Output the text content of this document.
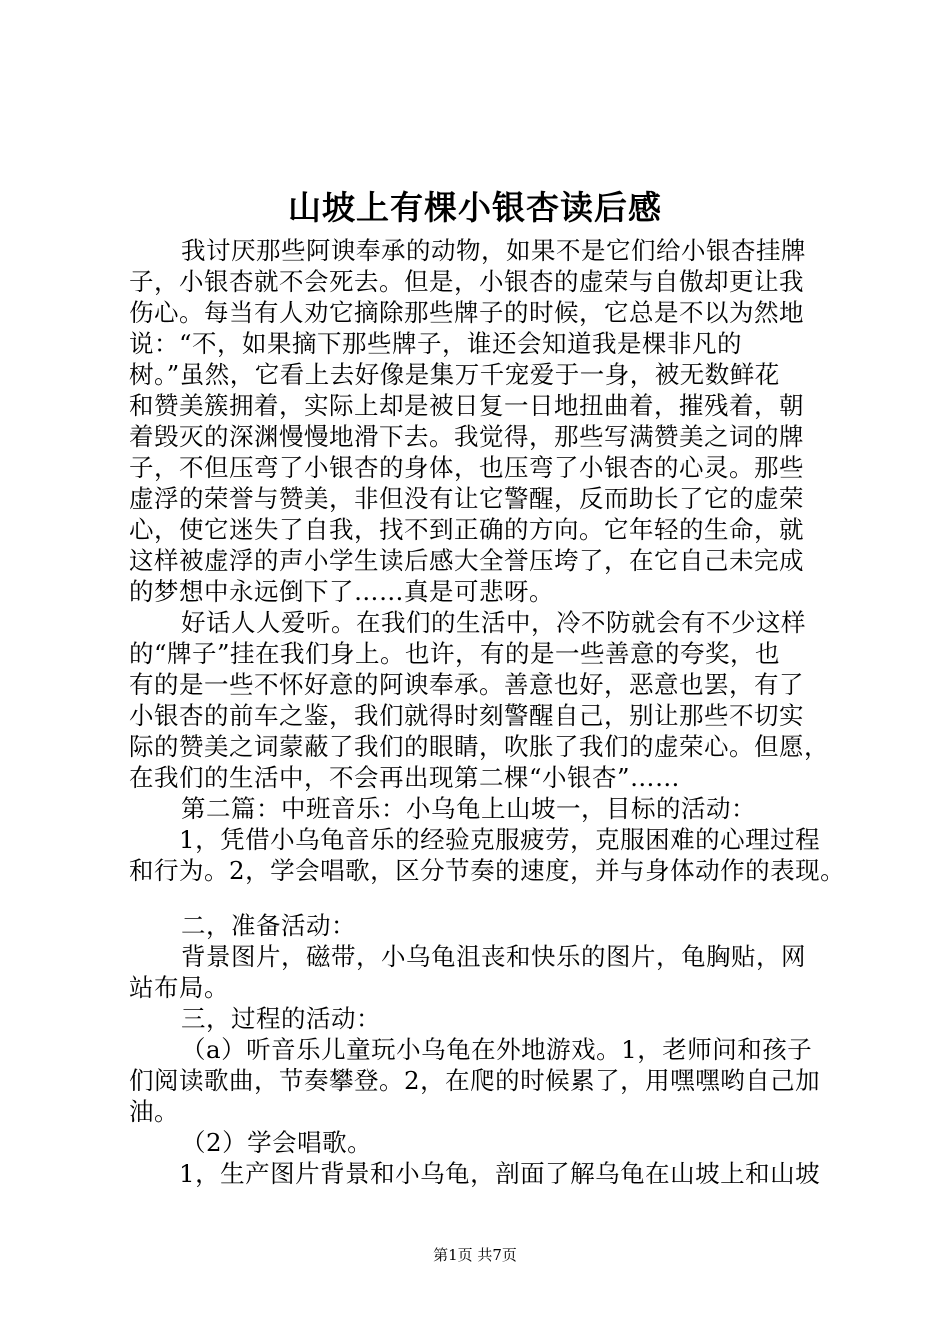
山坡上有棵小银杏读后感
我讨厌那些阿谀奉承的动物，如果不是它们给小银杏挂牌
子，小银杏就不会死去。但是，小银杏的虚荣与自傲却更让我
伤心。每当有人劝它摘除那些牌子的时候，它总是不以为然地
说：“不，如果摘下那些牌子，谁还会知道我是棵非凡的
树。”虽然，它看上去好像是集万千宠爱于一身，被无数鲜花
和赞美簇拥着，实际上却是被日复一日地扭曲着，摧残着，朝
着毁灭的深渊慢慢地滑下去。我觉得，那些写满赞美之词的牌
子，不但压弯了小银杏的身体，也压弯了小银杏的心灵。那些
虚浮的荣誉与赞美，非但没有让它警醒，反而助长了它的虚荣
心，使它迷失了自我，找不到正确的方向。它年轻的生命，就
这样被虚浮的声小学生读后感大全誉压垮了，在它自己未完成
的梦想中永远倒下了……真是可悲呀。
好话人人爱听。在我们的生活中，冷不防就会有不少这样
的“牌子”挂在我们身上。也许，有的是一些善意的夸奖，也
有的是一些不怀好意的阿谀奉承。善意也好，恶意也罢，有了
小银杏的前车之鉴，我们就得时刻警醒自己，别让那些不切实
际的赞美之词蒙蔽了我们的眼睛，吹胀了我们的虚荣心。但愿，
在我们的生活中，不会再出现第二棵“小银杏”……
第二篇：中班音乐：小乌龟上山坡一，目标的活动：
1，凭借小乌龟音乐的经验克服疲劳，克服困难的心理过程
和行为。2，学会唱歌，区分节奏的速度，并与身体动作的表现。
二，准备活动：
背景图片，磁带，小乌龟沮丧和快乐的图片，龟胸贴，网
站布局。
三，过程的活动：
（a）听音乐儿童玩小乌龟在外地游戏。1，老师问和孩子
们阅读歌曲，节奏攀登。2，在爬的时候累了，用嘿嘿哟自己加
油。
（2）学会唱歌。
1，生产图片背景和小乌龟，剖面了解乌龟在山坡上和山坡
第1页 共7页
